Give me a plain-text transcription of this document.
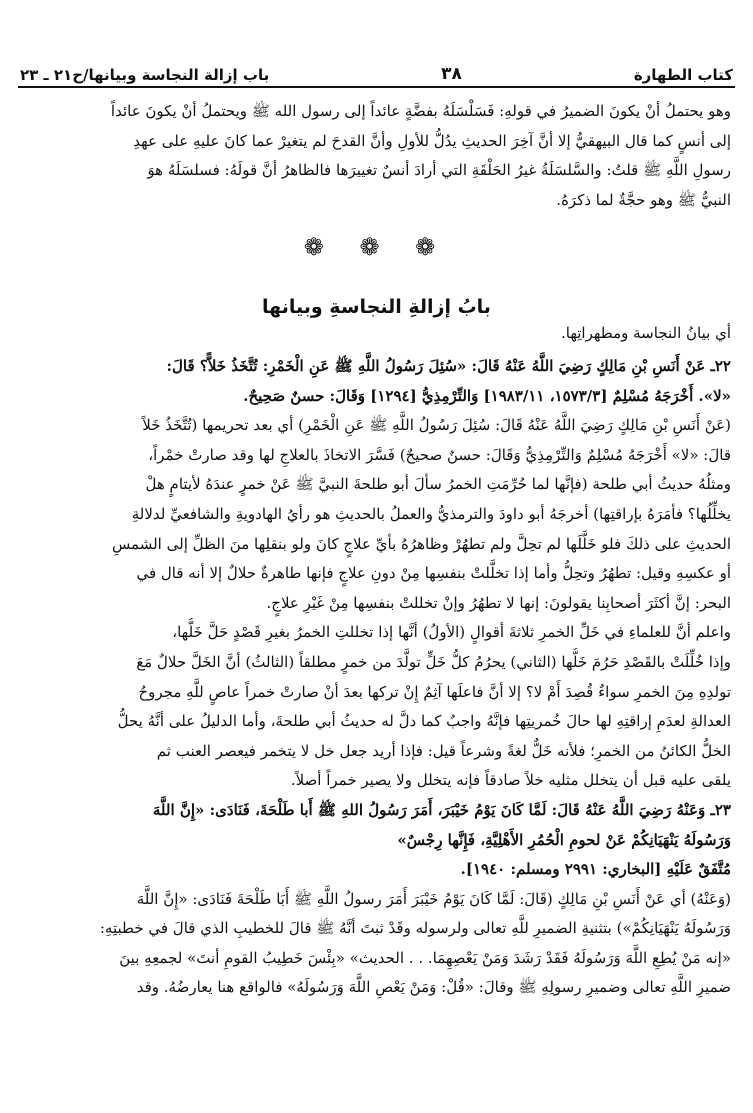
كتاب الطهارة
٣٨
باب إزالة النجاسة وبيانها/ح٢١ ـ ٢٣
وهو يحتملُ أنْ يكونَ الضميرُ في قولهِ: فَسَلْسَلَهُ بفضَّةٍ عائداً إلى رسول الله ﷺ ويحتملُ أنْ يكونَ عائداً
إلى أنسٍ كما قال البيهقيُّ إلا أنَّ آخِرَ الحديثِ يدُلُّ للأولِ وأنَّ القدحَ لم يتغيرْ عما كانَ عليهِ على عهدِ
رسولِ اللَّهِ ﷺ قلتُ: والسَّلسَلَةُ غيرُ الحَلْقَةِ التي أرادَ أنسٌ تغييرَها فالظاهرُ أنَّ قولَهُ: فسلسَلَهُ هوَ
النبيُّ ﷺ وهو حجَّةٌ لما ذكرَهُ.
❁ ❁ ❁
بابُ إزالةِ النجاسةِ وبيانها
أي بيانُ النجاسة ومطهراتِها.
٢٢ـ عَنْ أَنَسِ بْنِ مَالِكٍ رَضِيَ اللَّهُ عَنْهُ قَالَ: «سُئِلَ رَسُولُ اللَّهِ ﷺ عَنِ الْخَمْرِ: تُتَّخَذُ خَلاًّ؟ قَالَ:
«لا». أَخْرَجَهُ مُسْلِمٌ [١٥٧٣/٣، ١٩٨٣/١١] وَالتِّرْمِذِيُّ [١٢٩٤] وَقَالَ: حسنٌ صَحِيحٌ.
(عَنْ أَنَسِ بْنِ مَالِكٍ رَضِيَ اللَّهُ عَنْهُ قَالَ: سُئِلَ رَسُولُ اللَّهِ ﷺ عَنِ الْخَمْرِ) أي بعد تحريمها (تُتَّخَذُ خَلاً
قالَ: «لا» أَخْرَجَهُ مُسْلِمٌ وَالتِّرْمِذِيُّ وَقَالَ: حسنٌ صحيحٌ) فَسَّرَ الاتخاذَ بالعلاجِ لها وقد صارتْ خمْراً،
ومثلُهُ حديثُ أبي طلحة (فإنَّها لما حُرِّمَتِ الخمرُ سألَ أبو طلحةَ النبيَّ ﷺ عَنْ خمرٍ عندَهُ لأيتامٍ هلْ
يخلِّلُها؟ فأمَرَهُ بإراقتِها) أخرجَهُ أبو داودَ والترمذيُّ والعملُ بالحديثِ هو رأيُ الهادويةِ والشافعيِّ لدلالةِ
الحديثِ على ذلكَ فلو خَلَّلَها لم تحِلَّ ولم تطهُرْ وظاهرُهُ بأيِّ علاجٍ كانَ ولو بنقلِها منَ الظلِّ إلى الشمسِ
أو عكسِهِ وقيل: تطهُرُ وتحِلُّ وأما إذا تخلَّلتْ بنفسِها مِنْ دونِ علاجٍ فإنها طاهرةٌ حلالٌ إلا أنه قال في
البحر: إنَّ أكثَرَ أصحابِنا يقولونَ: إنها لا تطهُرُ وإنْ تخللتْ بنفسِها مِنْ غَيْرِ علاجٍ.
واعلم أنَّ للعلماءِ في خَلِّ الخمرِ ثلاثةَ أقوالٍ (الأولُ) أنَّها إذا تخللتِ الخمرُ بغيرِ قَصْدٍ حَلَّ خَلُّها،
وإذا خُلِّلَتْ بالقَصْدِ حَرُمَ خَلُّها (الثاني) يحرُمُ كلُّ خَلٍّ تولَّدَ من خمرٍ مطلقاً (الثالثُ) أنَّ الخَلَّ حلالٌ مَعَ
تولدِهِ مِنَ الخمرِ سواءٌ قُصِدَ أَمْ لا؟ إلا أنَّ فاعلَها آثِمٌ إِنْ تركها بعدَ أنْ صارتْ خمراً عاصٍ للَّهِ مجروحُ
العدالةِ لعدَمِ إراقتِهِ لها حالَ خُمريتِها فإنَّهُ واجبٌ كما دلَّ له حديثُ أبي طلحةَ، وأما الدليلُ على أنَّهُ يحلُّ
الخلُّ الكائنُ من الخمرِ؛ فلأنه خَلٌّ لغةً وشرعاً قيل: فإذا أريد جعل خل لا يتخمر فيعصر العنب ثم
يلقى عليه قبل أن يتخلل مثليه خلاً صادقاً فإنه يتخلل ولا يصير خمراً أصلاً.
٢٣ـ وَعَنْهُ رَضِيَ اللَّهُ عَنْهُ قَالَ: لَمَّا كَانَ يَوْمُ خَيْبَرَ، أَمَرَ رَسُولُ اللهِ ﷺ أَبا طَلْحَةَ، فَنَادَى: «إِنَّ اللَّهَ
وَرَسُولَهُ يَنْهَيَانِكُمْ عَنْ لحومِ الْحُمُرِ الأَهْلِيَّةِ، فَإِنَّها رِجْسٌ»
مُتَّفَقٌ عَلَيْهِ [البخاري: ٢٩٩١ ومسلم: ١٩٤٠].
(وَعَنْهُ) أي عَنْ أَنَسِ بْنِ مَالِكٍ (قَالَ: لَمَّا كَانَ يَوْمُ خَيْبَرَ أَمَرَ رسولُ اللَّهِ ﷺ أَبَا طَلْحَةَ فَنَادَى: «إِنَّ اللَّهَ
وَرَسُولَهُ يَنْهَيَانِكُمْ») بتثنيةِ الضميرِ للَّهِ تعالى ولرسوله وقَدْ ثبتَ أنَّهُ ﷺ قالَ للخطيبِ الذي قالَ في خطبتِهِ:
«إنه مَنْ يُطِعِ اللَّهَ وَرَسُولَهُ فَقَدْ رَشَدَ وَمَنْ يَعْصِهِمَا. . . الحديث» «بِئْسَ خَطِيبُ القومِ أنتَ» لجمعِهِ بينَ
ضميرِ اللَّهِ تعالى وضميرِ رسولِهِ ﷺ وقالَ: «قُلْ: وَمَنْ يَعْصِ اللَّهَ وَرَسُولَهُ» فالواقع هنا يعارضُهُ. وقد
